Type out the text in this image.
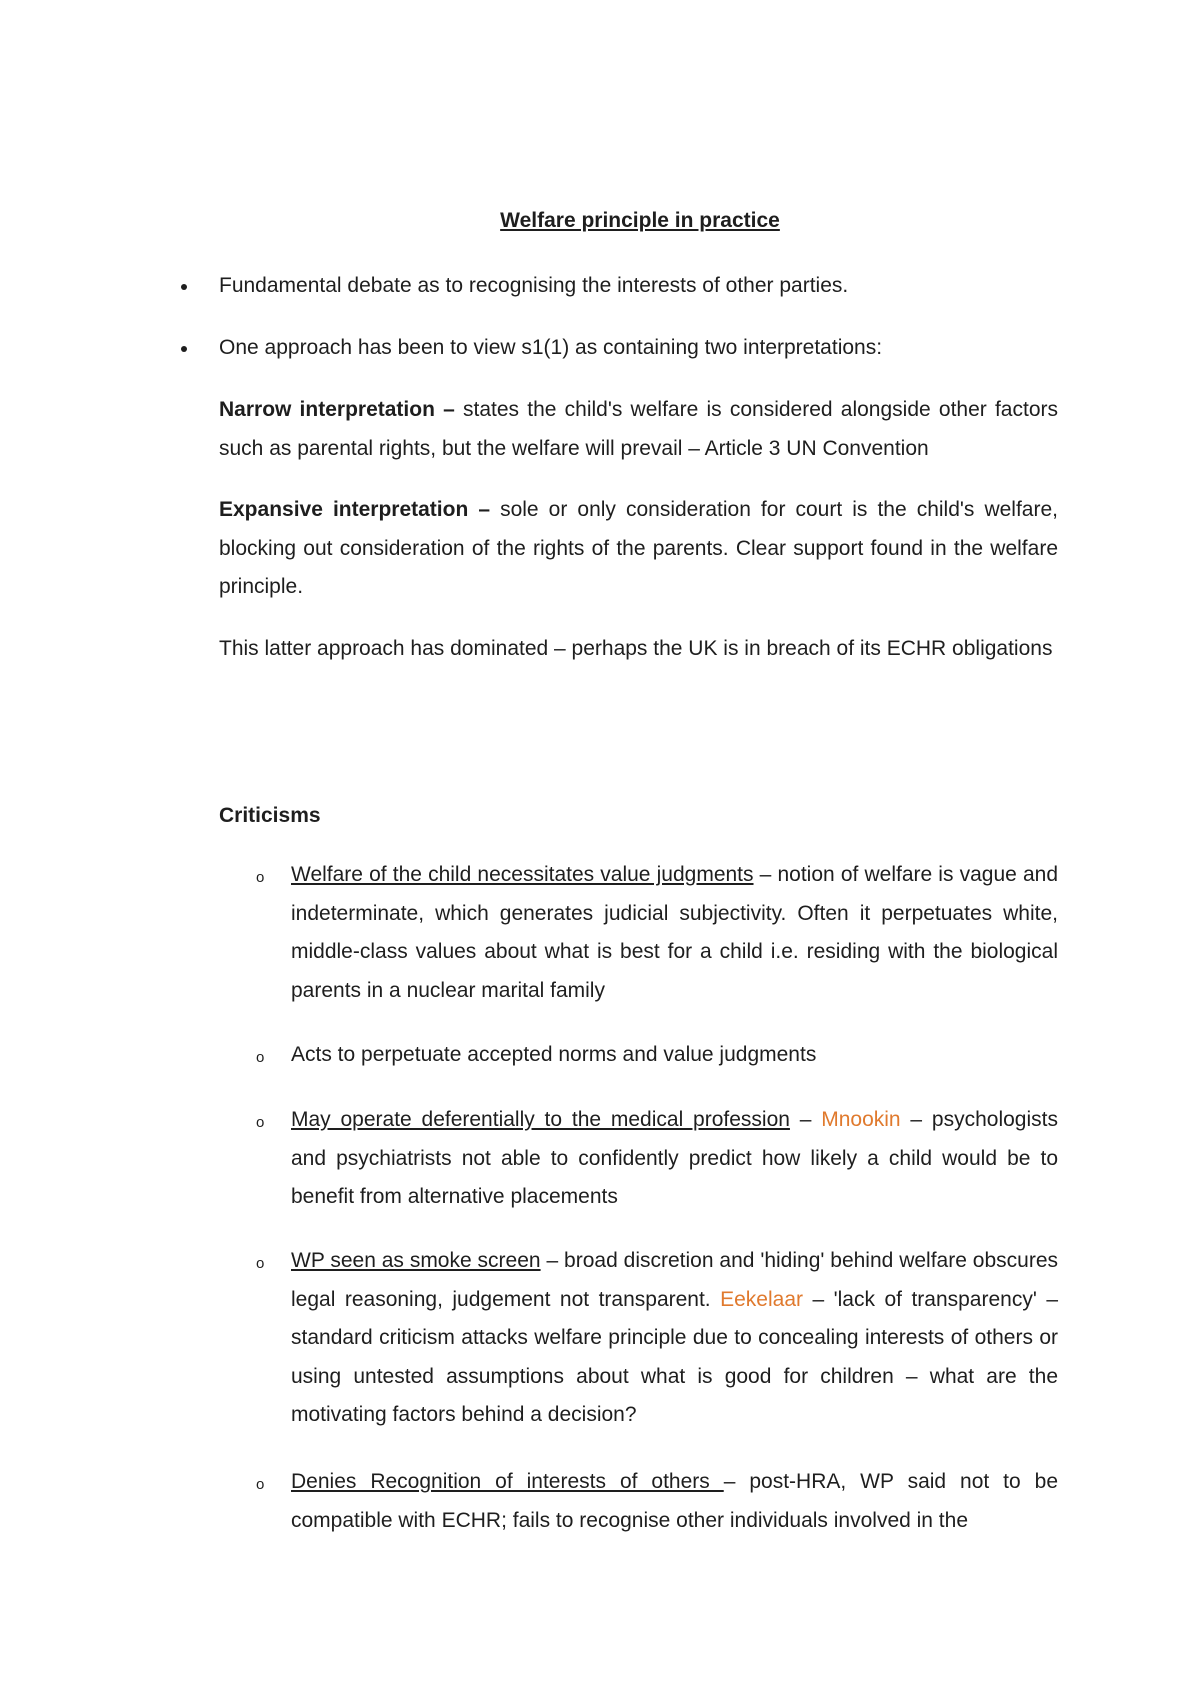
Welfare principle in practice
Fundamental debate as to recognising the interests of other parties.
One approach has been to view s1(1) as containing two interpretations:
Narrow interpretation – states the child's welfare is considered alongside other factors such as parental rights, but the welfare will prevail – Article 3 UN Convention
Expansive interpretation – sole or only consideration for court is the child's welfare, blocking out consideration of the rights of the parents. Clear support found in the welfare principle.
This latter approach has dominated – perhaps the UK is in breach of its ECHR obligations
Criticisms
o Welfare of the child necessitates value judgments – notion of welfare is vague and indeterminate, which generates judicial subjectivity. Often it perpetuates white, middle-class values about what is best for a child i.e. residing with the biological parents in a nuclear marital family
o Acts to perpetuate accepted norms and value judgments
o May operate deferentially to the medical profession – Mnookin – psychologists and psychiatrists not able to confidently predict how likely a child would be to benefit from alternative placements
o WP seen as smoke screen – broad discretion and 'hiding' behind welfare obscures legal reasoning, judgement not transparent. Eekelaar – 'lack of transparency' – standard criticism attacks welfare principle due to concealing interests of others or using untested assumptions about what is good for children – what are the motivating factors behind a decision?
o Denies Recognition of interests of others – post-HRA, WP said not to be compatible with ECHR; fails to recognise other individuals involved in the
